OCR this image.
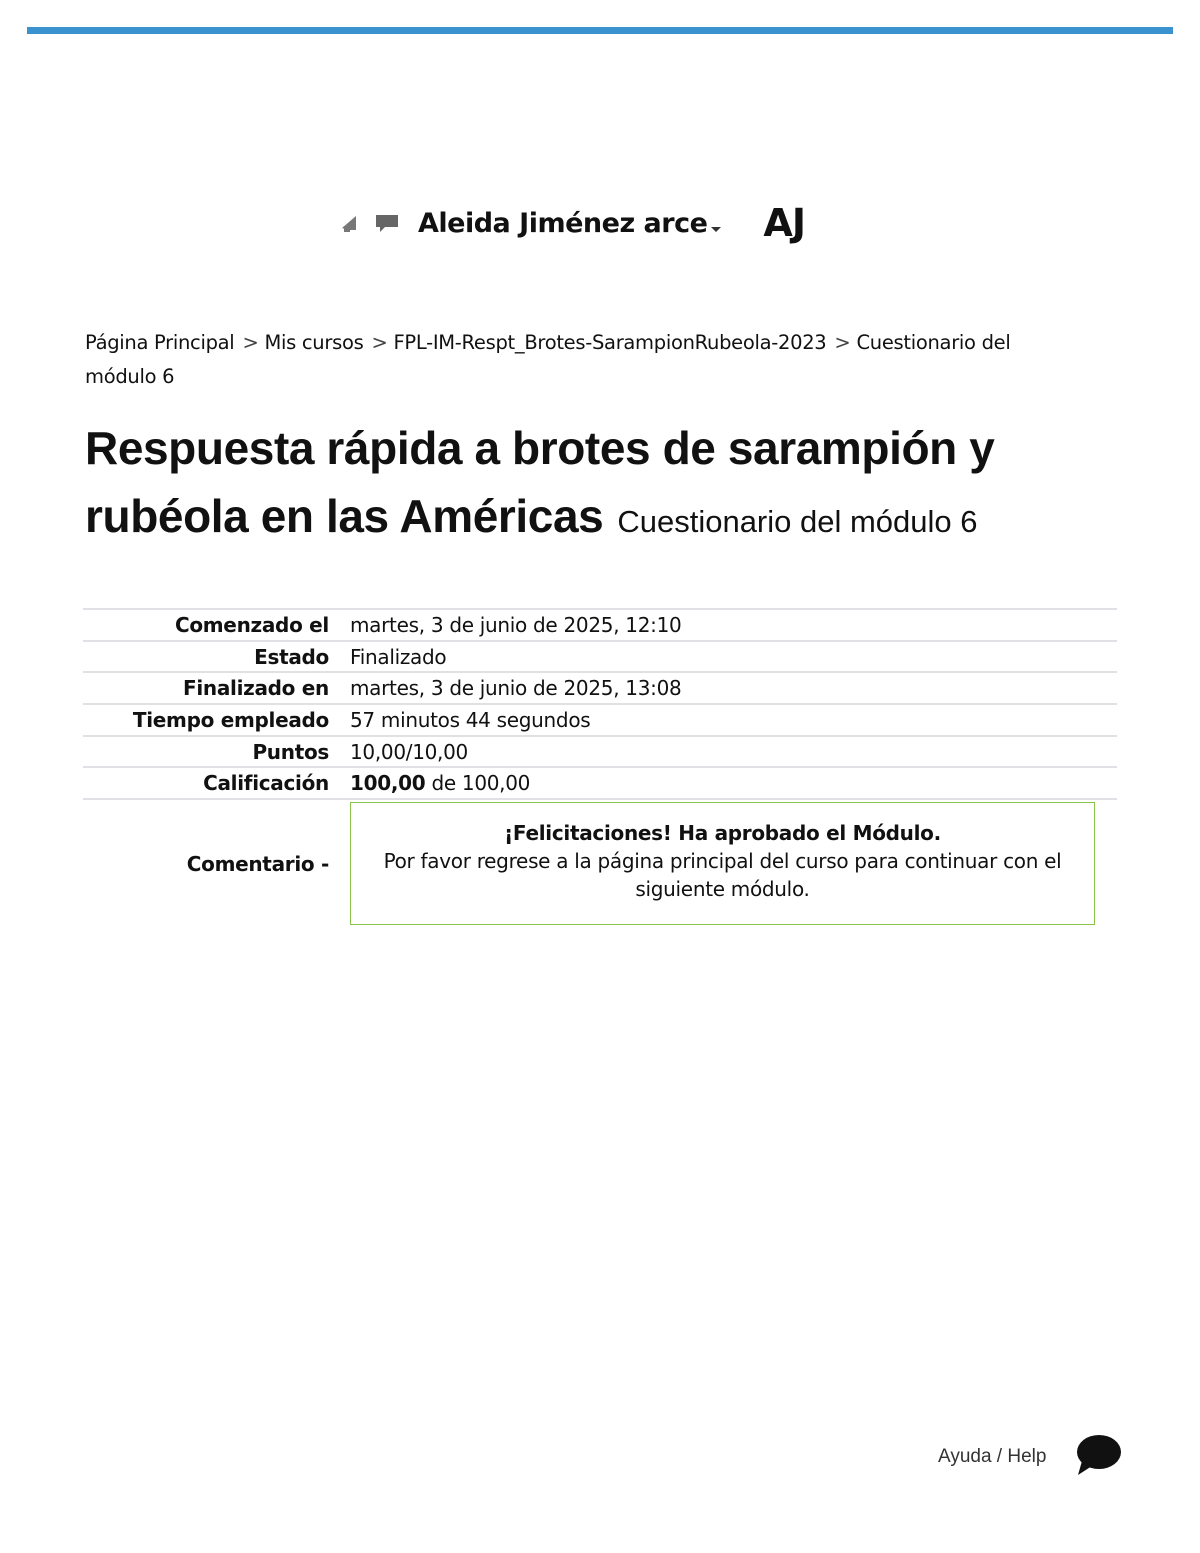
Aleida Jiménez arce AJ
Página Principal > Mis cursos > FPL-IM-Respt_Brotes-SarampionRubeola-2023 > Cuestionario del módulo 6
Respuesta rápida a brotes de sarampión y rubéola en las Américas Cuestionario del módulo 6
Comenzado el	martes, 3 de junio de 2025, 12:10
Estado	Finalizado
Finalizado en	martes, 3 de junio de 2025, 13:08
Tiempo empleado	57 minutos 44 segundos
Puntos	10,00/10,00
Calificación	100,00 de 100,00
Comentario -	¡Felicitaciones! Ha aprobado el Módulo.
Por favor regrese a la página principal del curso para continuar con el siguiente módulo.
Ayuda / Help
